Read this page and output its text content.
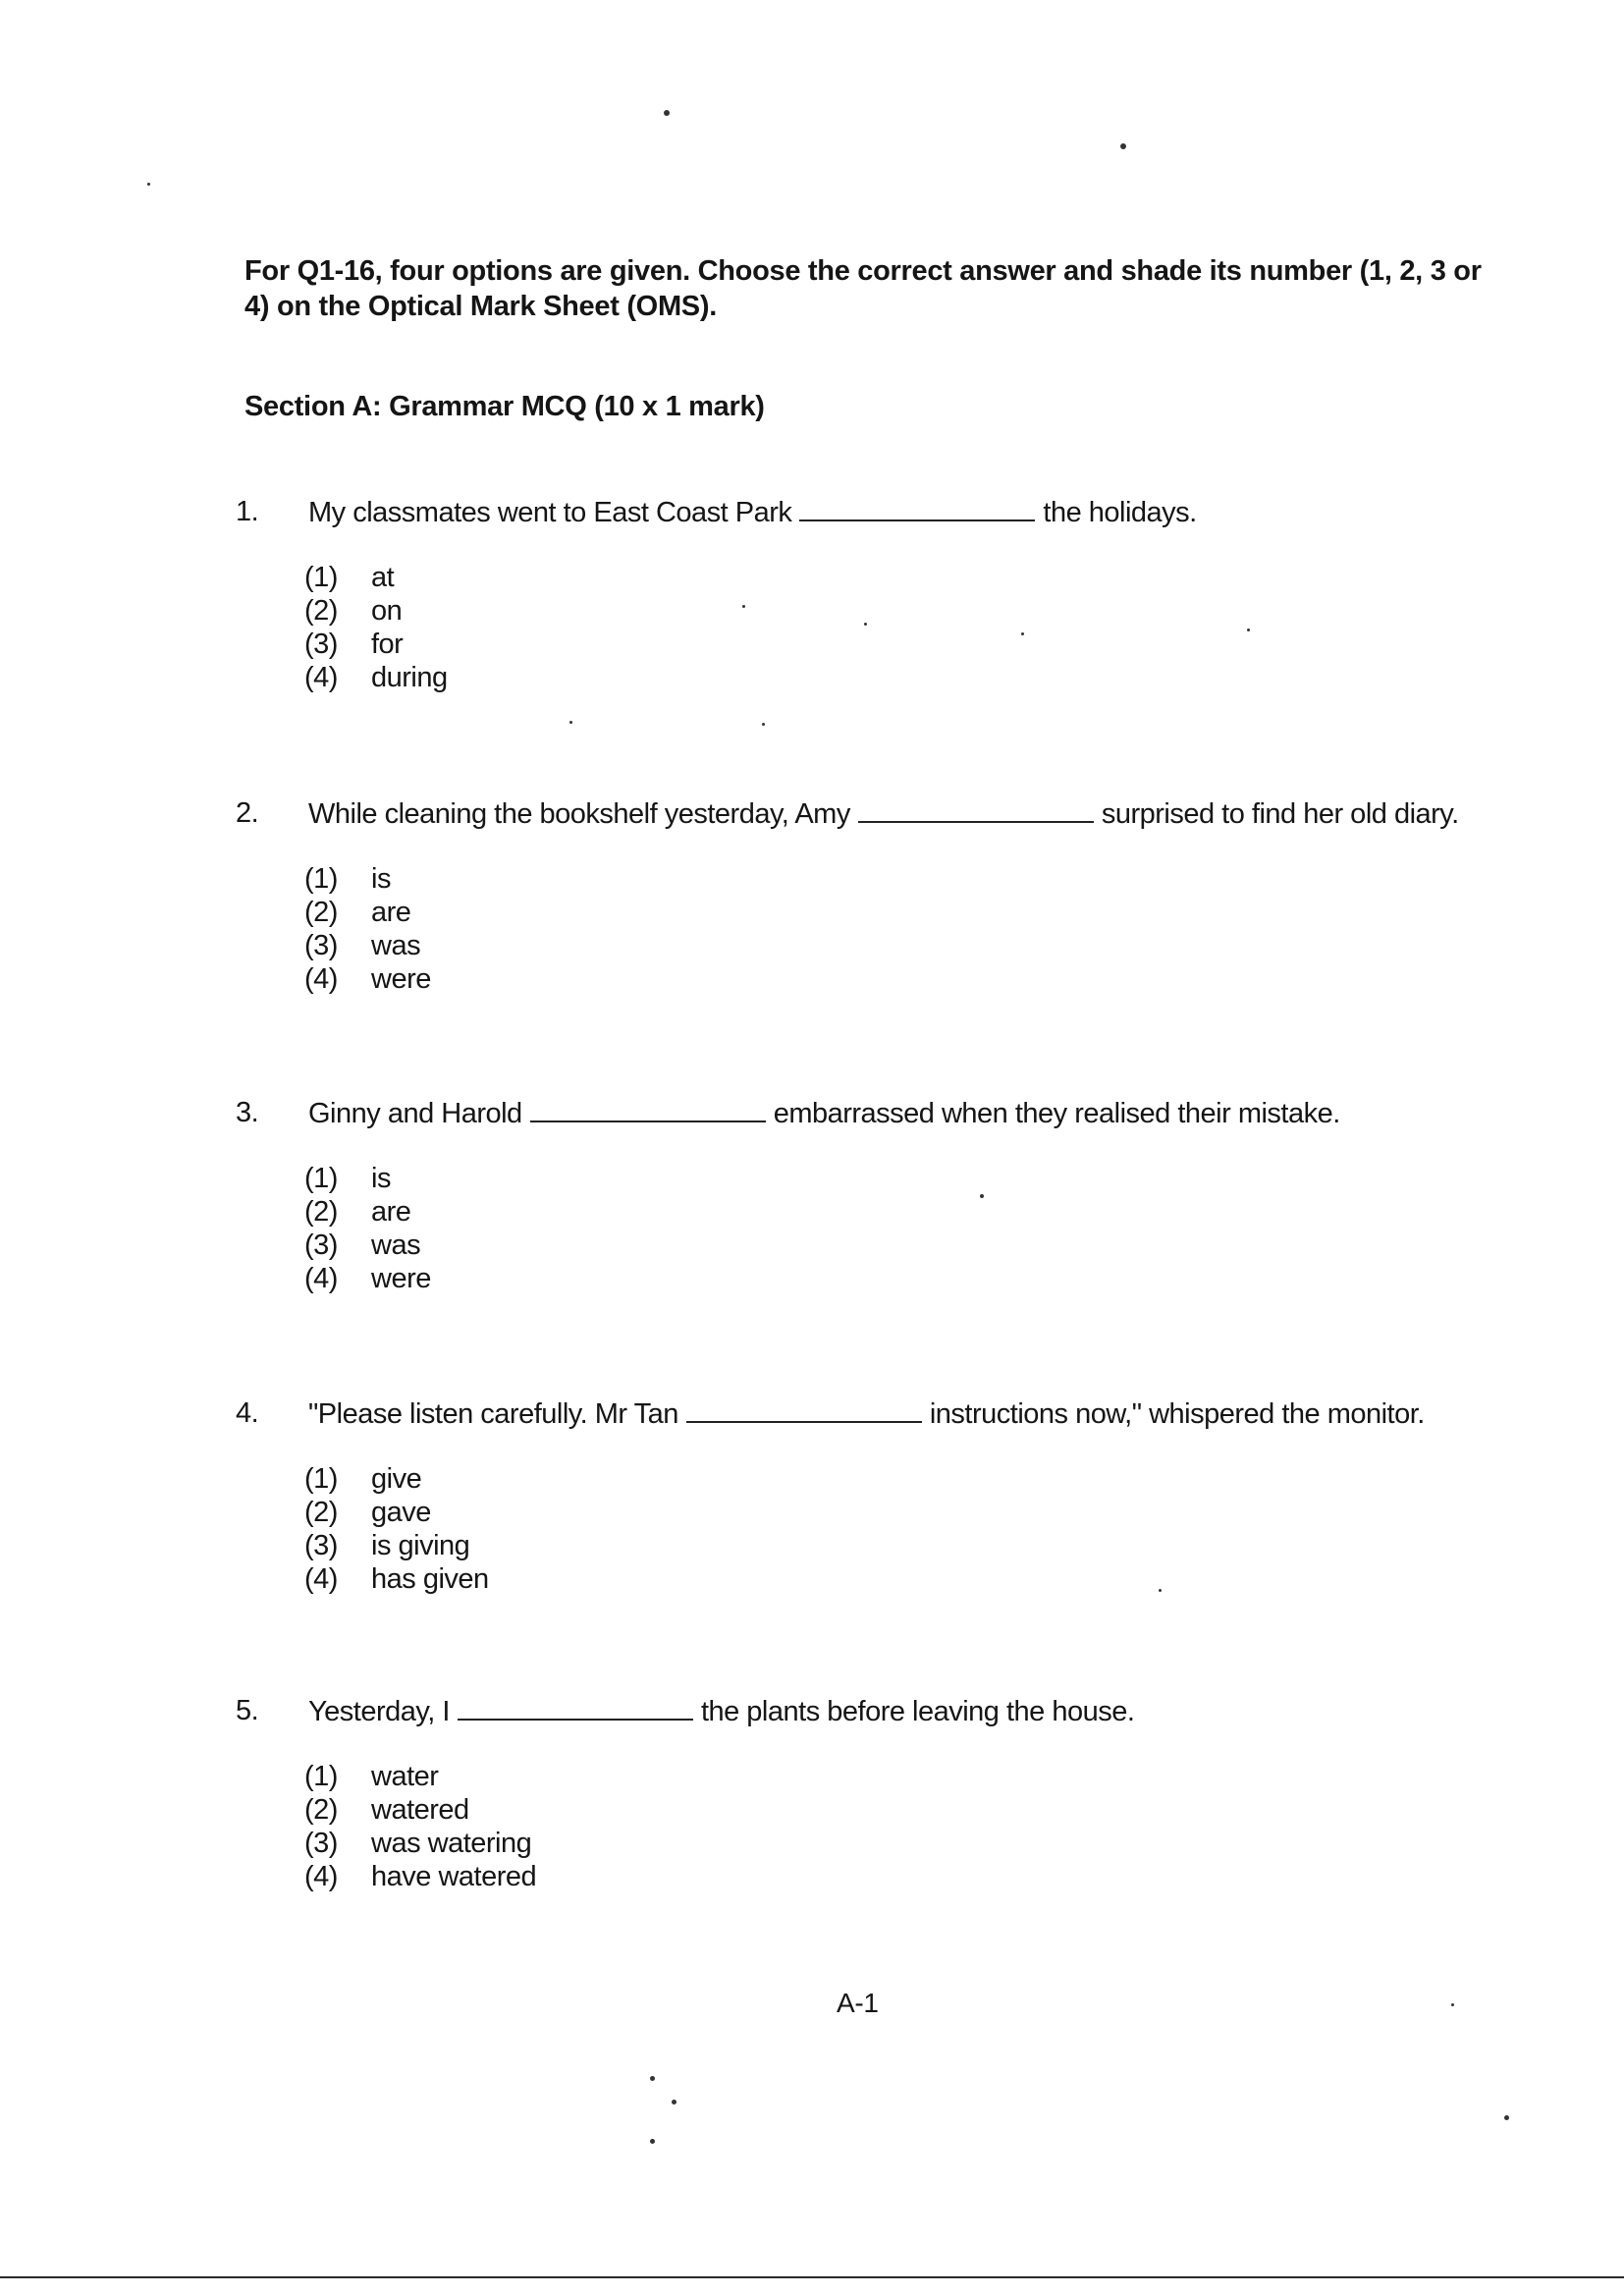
For Q1-16, four options are given. Choose the correct answer and shade its number (1, 2, 3 or 4) on the Optical Mark Sheet (OMS).
Section A: Grammar MCQ (10 x 1 mark)
1. My classmates went to East Coast Park	the holidays.
(1)	at
(2)	on
(3)	for
(4)	during
2. While cleaning the bookshelf yesterday, Amy	surprised to find her old diary.
(1)	is
(2)	are
(3)	was
(4)	were
3. Ginny and Harold	embarrassed when they realised their mistake.
(1)	is
(2)	are
(3)	was
(4)	were
4. "Please listen carefully. Mr Tan	instructions now," whispered the monitor.
(1)	give
(2)	gave
(3)	is giving
(4)	has given
5. Yesterday, I	the plants before leaving the house.
(1)	water
(2)	watered
(3)	was watering
(4)	have watered
A-1
